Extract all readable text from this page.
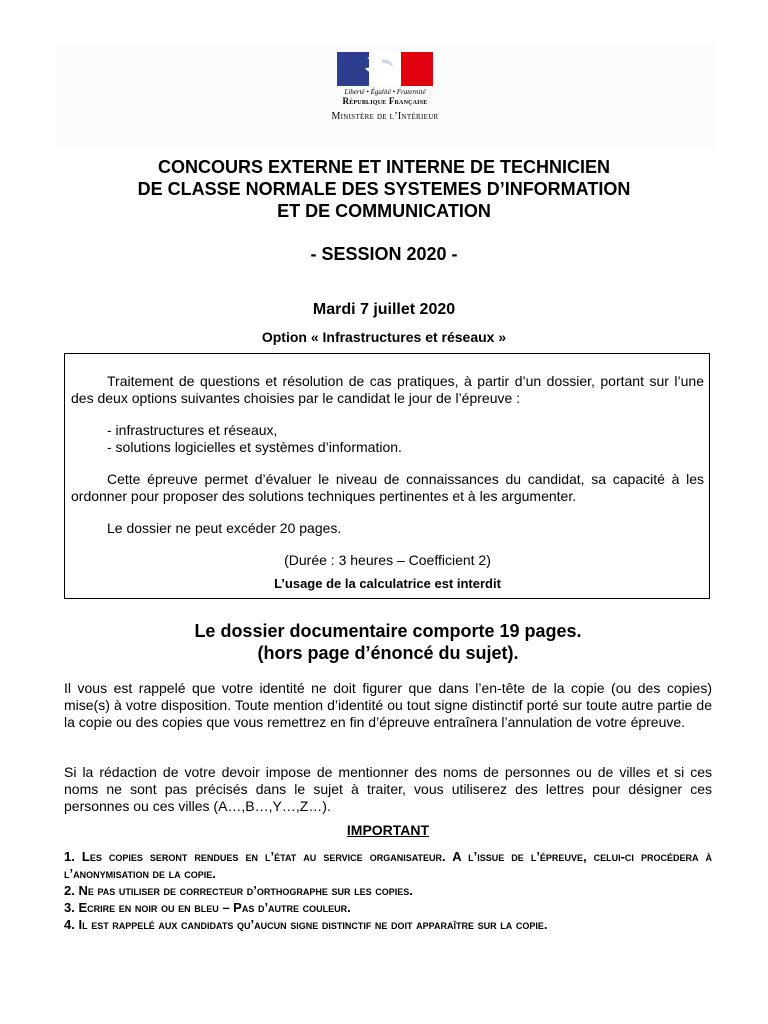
Liberté • Égalité • Fraternité
République Française
Ministère de l’Intérieur
CONCOURS EXTERNE ET INTERNE DE TECHNICIEN
DE CLASSE NORMALE DES SYSTEMES D’INFORMATION
ET DE COMMUNICATION
- SESSION 2020 -
Mardi 7 juillet 2020
Option « Infrastructures et réseaux »

Traitement de questions et résolution de cas pratiques, à partir d’un dossier, portant sur l’une des deux options suivantes choisies par le candidat le jour de l’épreuve :

- infrastructures et réseaux,

- solutions logicielles et systèmes d’information.

Cette épreuve permet d’évaluer le niveau de connaissances du candidat, sa capacité à les ordonner pour proposer des solutions techniques pertinentes et à les argumenter.

Le dossier ne peut excéder 20 pages.

(Durée : 3 heures – Coefficient 2)

L’usage de la calculatrice est interdit

Le dossier documentaire comporte 19 pages.
(hors page d’énoncé du sujet).

Il vous est rappelé que votre identité ne doit figurer que dans l’en-tête de la copie (ou des copies) mise(s) à votre disposition. Toute mention d’identité ou tout signe distinctif porté sur toute autre partie de la copie ou des copies que vous remettrez en fin d’épreuve entraînera l’annulation de votre épreuve.

Si la rédaction de votre devoir impose de mentionner des noms de personnes ou de villes et si ces noms ne sont pas précisés dans le sujet à traiter, vous utiliserez des lettres pour désigner ces personnes ou ces villes (A…,B…,Y…,Z…).

IMPORTANT
1. Les copies seront rendues en l’état au service organisateur. A l’issue de l’épreuve, celui-ci procédera à l’anonymisation de la copie.
2. Ne pas utiliser de correcteur d’orthographe sur les copies.
3. Ecrire en noir ou en bleu – Pas d’autre couleur.
4. Il est rappelé aux candidats qu’aucun signe distinctif ne doit apparaître sur la copie.
